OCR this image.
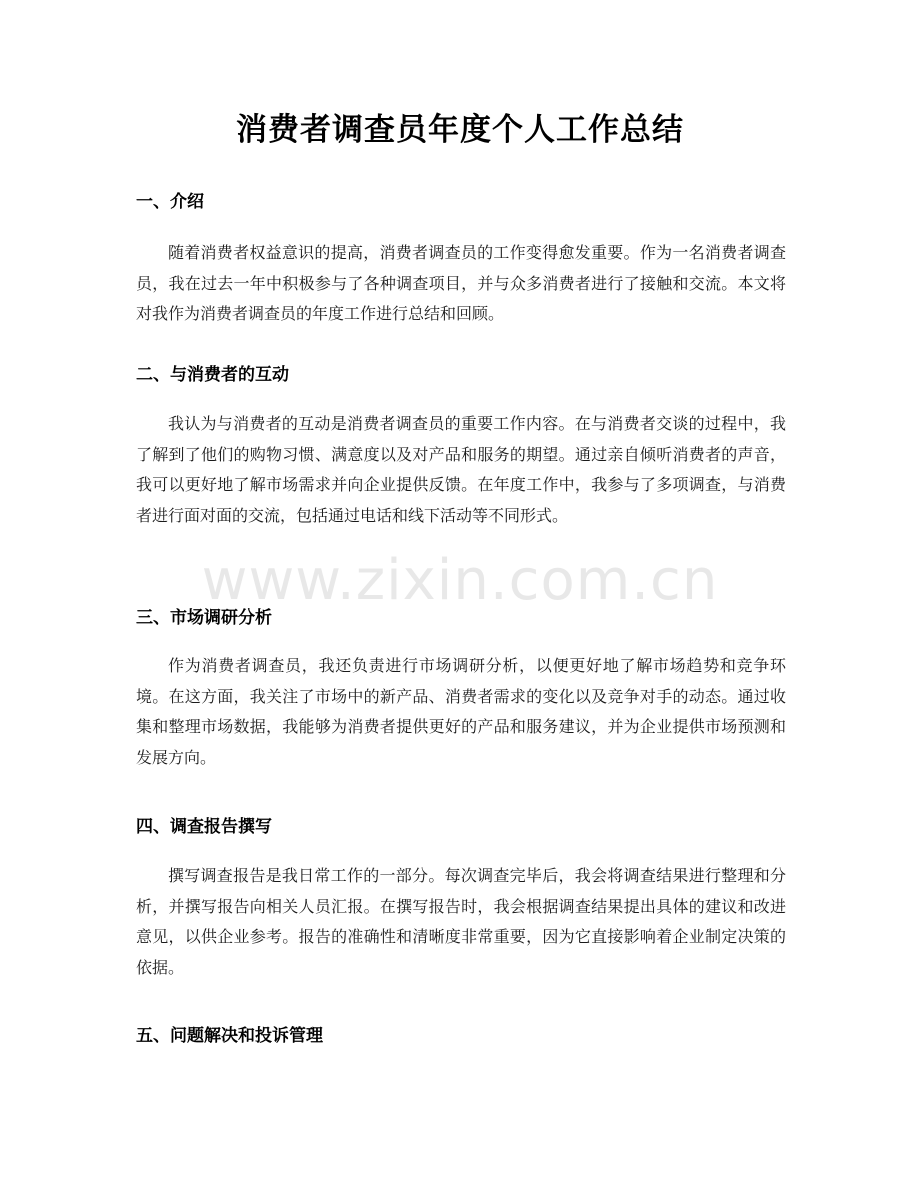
www.zixin.com.cn
消费者调查员年度个人工作总结
一、介绍

随着消费者权益意识的提高，消费者调查员的工作变得愈发重要。作为一名消费者调查员，我在过去一年中积极参与了各种调查项目，并与众多消费者进行了接触和交流。本文将对我作为消费者调查员的年度工作进行总结和回顾。

二、与消费者的互动

我认为与消费者的互动是消费者调查员的重要工作内容。在与消费者交谈的过程中，我了解到了他们的购物习惯、满意度以及对产品和服务的期望。通过亲自倾听消费者的声音，我可以更好地了解市场需求并向企业提供反馈。在年度工作中，我参与了多项调查，与消费者进行面对面的交流，包括通过电话和线下活动等不同形式。

三、市场调研分析

作为消费者调查员，我还负责进行市场调研分析，以便更好地了解市场趋势和竞争环境。在这方面，我关注了市场中的新产品、消费者需求的变化以及竞争对手的动态。通过收集和整理市场数据，我能够为消费者提供更好的产品和服务建议，并为企业提供市场预测和发展方向。

四、调查报告撰写

撰写调查报告是我日常工作的一部分。每次调查完毕后，我会将调查结果进行整理和分析，并撰写报告向相关人员汇报。在撰写报告时，我会根据调查结果提出具体的建议和改进意见，以供企业参考。报告的准确性和清晰度非常重要，因为它直接影响着企业制定决策的依据。

五、问题解决和投诉管理
